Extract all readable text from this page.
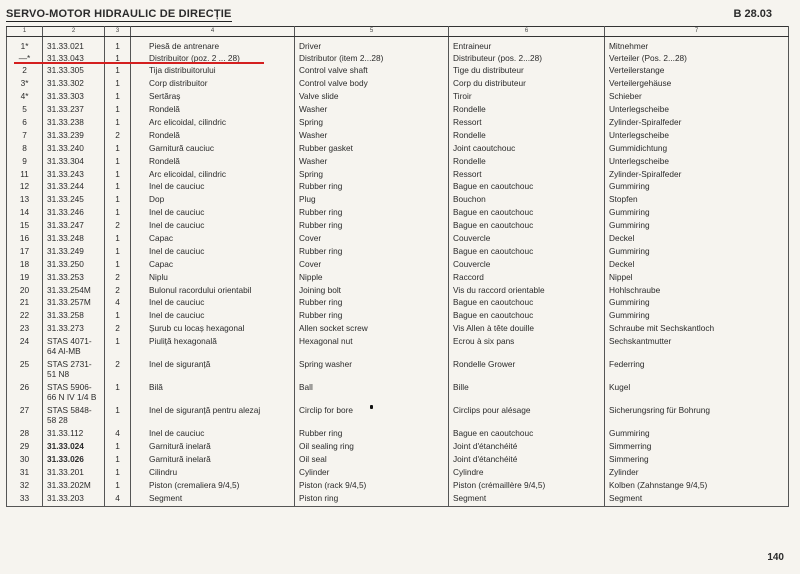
SERVO-MOTOR HIDRAULIC DE DIRECȚIE	B 28.03
1	2	3	4	5	6	7
1*	31.33.021	1	Piesă de antrenare	Driver	Entraineur	Mitnehmer
—*	31.33.043	1	Distribuitor (poz. 2 ... 28)	Distributor (item 2...28)	Distributeur (pos. 2...28)	Verteiler (Pos. 2...28)
2	31.33.305	1	Tija distribuitorului	Control valve shaft	Tige du distributeur	Verteilerstange
3*	31.33.302	1	Corp distribuitor	Control valve body	Corp du distributeur	Verteilergehäuse
4*	31.33.303	1	Sertăraș	Valve slide	Tiroir	Schieber
5	31.33.237	1	Rondelă	Washer	Rondelle	Unterlegscheibe
6	31.33.238	1	Arc elicoidal, cilindric	Spring	Ressort	Zylinder-Spiralfeder
7	31.33.239	2	Rondelă	Washer	Rondelle	Unterlegscheibe
8	31.33.240	1	Garnitură cauciuc	Rubber gasket	Joint caoutchouc	Gummidichtung
9	31.33.304	1	Rondelă	Washer	Rondelle	Unterlegscheibe
11	31.33.243	1	Arc elicoidal, cilindric	Spring	Ressort	Zylinder-Spiralfeder
12	31.33.244	1	Inel de cauciuc	Rubber ring	Bague en caoutchouc	Gummiring
13	31.33.245	1	Dop	Plug	Bouchon	Stopfen
14	31.33.246	1	Inel de cauciuc	Rubber ring	Bague en caoutchouc	Gummiring
15	31.33.247	2	Inel de cauciuc	Rubber ring	Bague en caoutchouc	Gummiring
16	31.33.248	1	Capac	Cover	Couvercle	Deckel
17	31.33.249	1	Inel de cauciuc	Rubber ring	Bague en caoutchouc	Gummiring
18	31.33.250	1	Capac	Cover	Couvercle	Deckel
19	31.33.253	2	Niplu	Nipple	Raccord	Nippel
20	31.33.254M	2	Bulonul racordului orientabil	Joining bolt	Vis du raccord orientable	Hohlschraube
21	31.33.257M	4	Inel de cauciuc	Rubber ring	Bague en caoutchouc	Gummiring
22	31.33.258	1	Inel de cauciuc	Rubber ring	Bague en caoutchouc	Gummiring
23	31.33.273	2	Șurub cu locaș hexagonal	Allen socket screw	Vis Allen à tête douille	Schraube mit Sechskantloch
24	STAS 4071-64 Al-MB	1	Piuliță hexagonală	Hexagonal nut	Ecrou à six pans	Sechskantmutter
25	STAS 2731-51 N8	2	Inel de siguranță	Spring washer	Rondelle Grower	Federring
26	STAS 5906-66 N IV 1/4 B	1	Bilă	Ball	Bille	Kugel
27	STAS 5848-58 28	1	Inel de siguranță pentru alezaj	Circlip for bore	Circlips pour alésage	Sicherungsring für Bohrung
28	31.33.112	4	Inel de cauciuc	Rubber ring	Bague en caoutchouc	Gummiring
29	31.33.024	1	Garnitură inelară	Oil sealing ring	Joint d'étanchéité	Simmerring
30	31.33.026	1	Garnitură inelară	Oil seal	Joint d'étanchéité	Simmering
31	31.33.201	1	Cilindru	Cylinder	Cylindre	Zylinder
32	31.33.202M	1	Piston (cremaliera 9/4,5)	Piston (rack 9/4,5)	Piston (crémaillère 9/4,5)	Kolben (Zahnstange 9/4,5)
33	31.33.203	4	Segment	Piston ring	Segment	Segment
140
